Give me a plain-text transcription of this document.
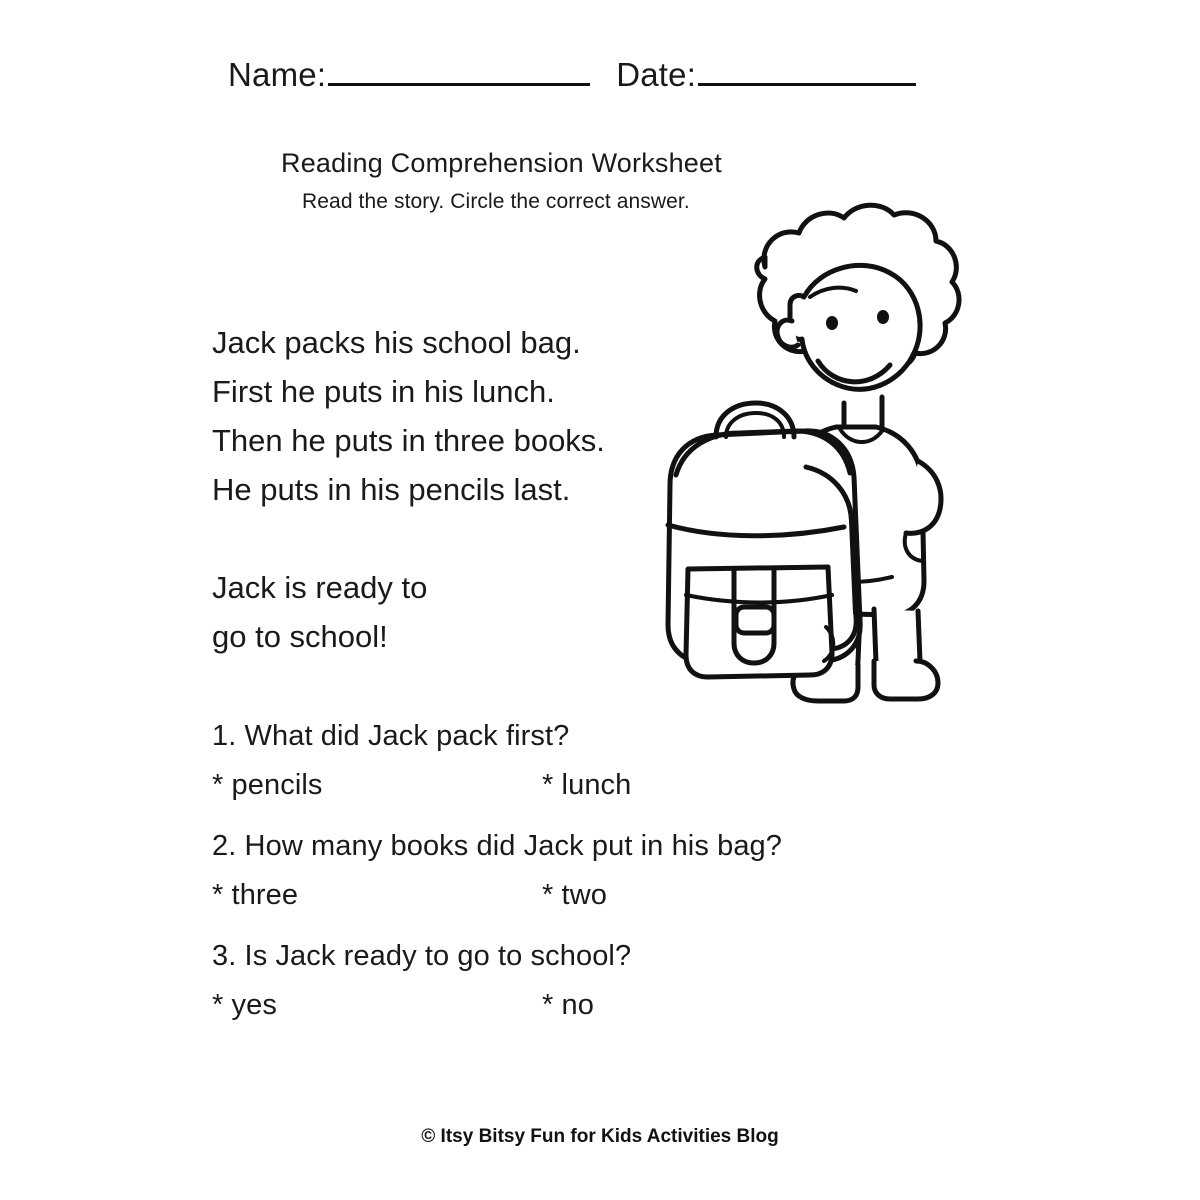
Name:	Date:
Reading Comprehension Worksheet
Read the story. Circle the correct answer.
Jack packs his school bag.
First he puts in his lunch.
Then he puts in three books.
He puts in his pencils last.
Jack is ready to
go to school!

1. What did Jack pack first?

* pencils	* lunch

2. How many books did Jack put in his bag?

* three	* two

3. Is Jack ready to go to school?

* yes	* no
© Itsy Bitsy Fun for Kids Activities Blog
